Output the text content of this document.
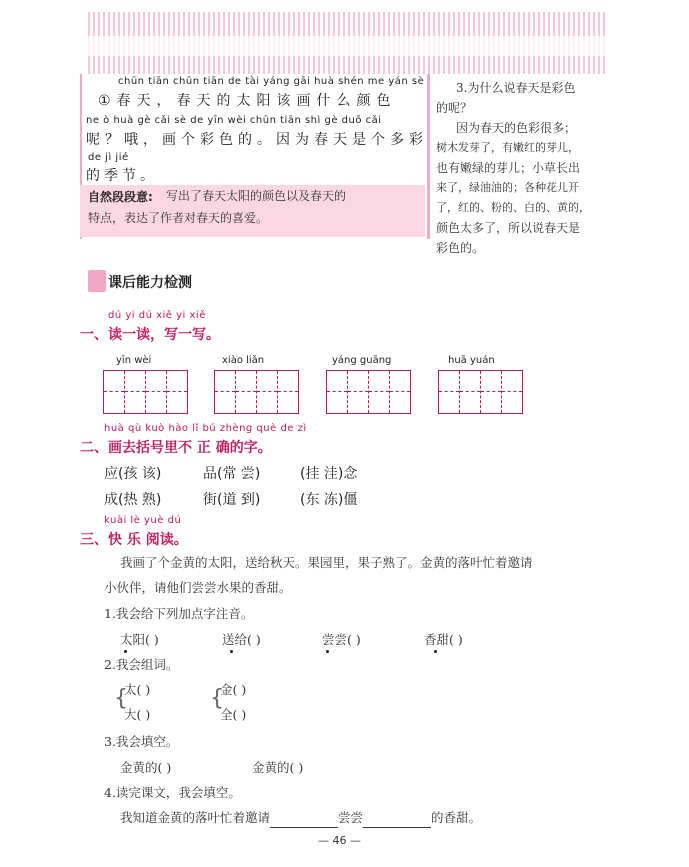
chūn tiān chūn tiān de tài yáng gāi huà shén me yán sè
①春天，春天的太阳该画什么颜色
ne ò huà gè cǎi sè de yīn wèi chūn tiān shì gè duō cǎi
呢？哦，画个彩色的。因为春天是个多彩
de jì jié
的季节。
自然段段意: 写出了春天太阳的颜色以及春天的
特点，表达了作者对春天的喜爱。
3.为什么说春天是彩色
的呢？
因为春天的色彩很多；
树木发芽了，有嫩红的芽儿，
也有嫩绿的芽儿；小草长出
来了，绿油油的；各种花儿开
了，红的、粉的、白的、黄的，
颜色太多了，所以说春天是
彩色的。
课后能力检测
dú yi dú xiě yi xiě
一、读一读，写一写。
yīn wèi	xiào liǎn	yáng guāng	huā yuán
huà qù kuò hào lǐ bú zhèng què de zì
二、画去括号里不 正 确的字。
应(孩 该)	品(常 尝)	(挂 洼)念
成(热 熟)	街(道 到)	(东 冻)僵
kuài lè yuè dú
三、快 乐 阅读。
我画了个金黄的太阳，送给秋天。果园里，果子熟了。金黄的落叶忙着邀请
小伙伴，请他们尝尝水果的香甜。
1.我会给下列加点字注音。
太阳( )	送给( )	尝尝( )	香甜( )
2.我会组词。
{
太( )
大( )
{
金( )
全( )
3.我会填空。
金黄的( )	金黄的( )
4.读完课文，我会填空。
我知道金黄的落叶忙着邀请	尝尝	的香甜。
— 46 —
